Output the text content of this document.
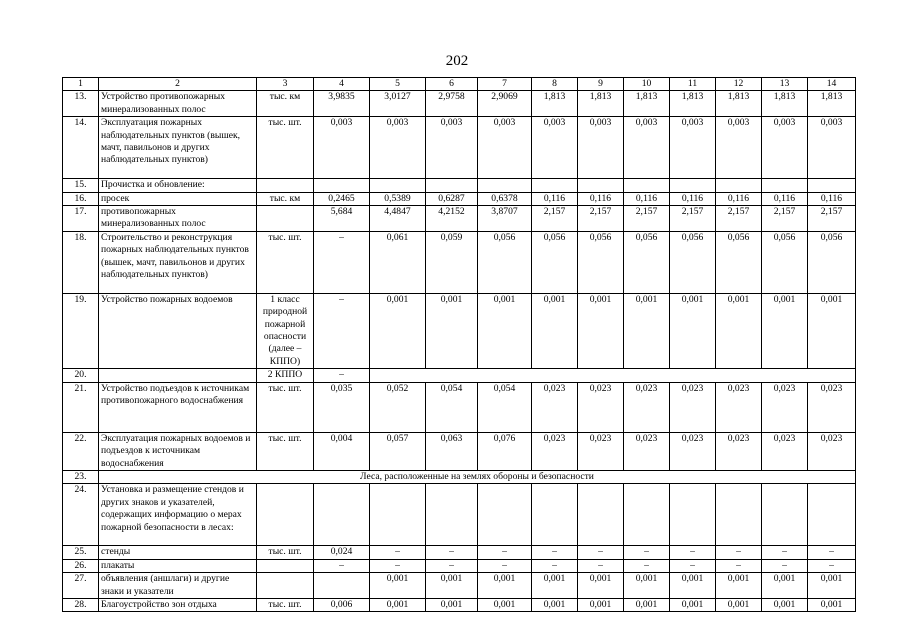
202
1	2	3	4	5	6	7	8	9	10	11	12	13	14
13.	Устройство противопожарных минерализованных полос	тыс. км	3,9835	3,0127	2,9758	2,9069	1,813	1,813	1,813	1,813	1,813	1,813	1,813
14.	Эксплуатация пожарных наблюдательных пунктов (вышек, мачт, павильонов и других наблюдательных пунктов)	тыс. шт.	0,003	0,003	0,003	0,003	0,003	0,003	0,003	0,003	0,003	0,003	0,003
15.	Прочистка и обновление:												
16.	просек	тыс. км	0,2465	0,5389	0,6287	0,6378	0,116	0,116	0,116	0,116	0,116	0,116	0,116
17.	противопожарных минерализованных полос		5,684	4,4847	4,2152	3,8707	2,157	2,157	2,157	2,157	2,157	2,157	2,157
18.	Строительство и реконструкция пожарных наблюдательных пунктов (вышек, мачт, павильонов и других наблюдательных пунктов)	тыс. шт.	–	0,061	0,059	0,056	0,056	0,056	0,056	0,056	0,056	0,056	0,056
19.	Устройство пожарных водоемов	1 класс природной пожарной опасности (далее – КППО)	–	0,001	0,001	0,001	0,001	0,001	0,001	0,001	0,001	0,001	0,001
20.		2 КППО	–										
21.	Устройство подъездов к источникам противопожарного водоснабжения	тыс. шт.	0,035	0,052	0,054	0,054	0,023	0,023	0,023	0,023	0,023	0,023	0,023
22.	Эксплуатация пожарных водоемов и подъездов к источникам водоснабжения	тыс. шт.	0,004	0,057	0,063	0,076	0,023	0,023	0,023	0,023	0,023	0,023	0,023
23.	Леса, расположенные на землях обороны и безопасности												
24.	Установка и размещение стендов и других знаков и указателей, содержащих информацию о мерах пожарной безопасности в лесах:												
25.	стенды	тыс. шт.	0,024	–	–	–	–	–	–	–	–	–	–
26.	плакаты		–	–	–	–	–	–	–	–	–	–	–
27.	объявления (аншлаги) и другие знаки и указатели			0,001	0,001	0,001	0,001	0,001	0,001	0,001	0,001	0,001	0,001
28.	Благоустройство зон отдыха	тыс. шт.	0,006	0,001	0,001	0,001	0,001	0,001	0,001	0,001	0,001	0,001	0,001
